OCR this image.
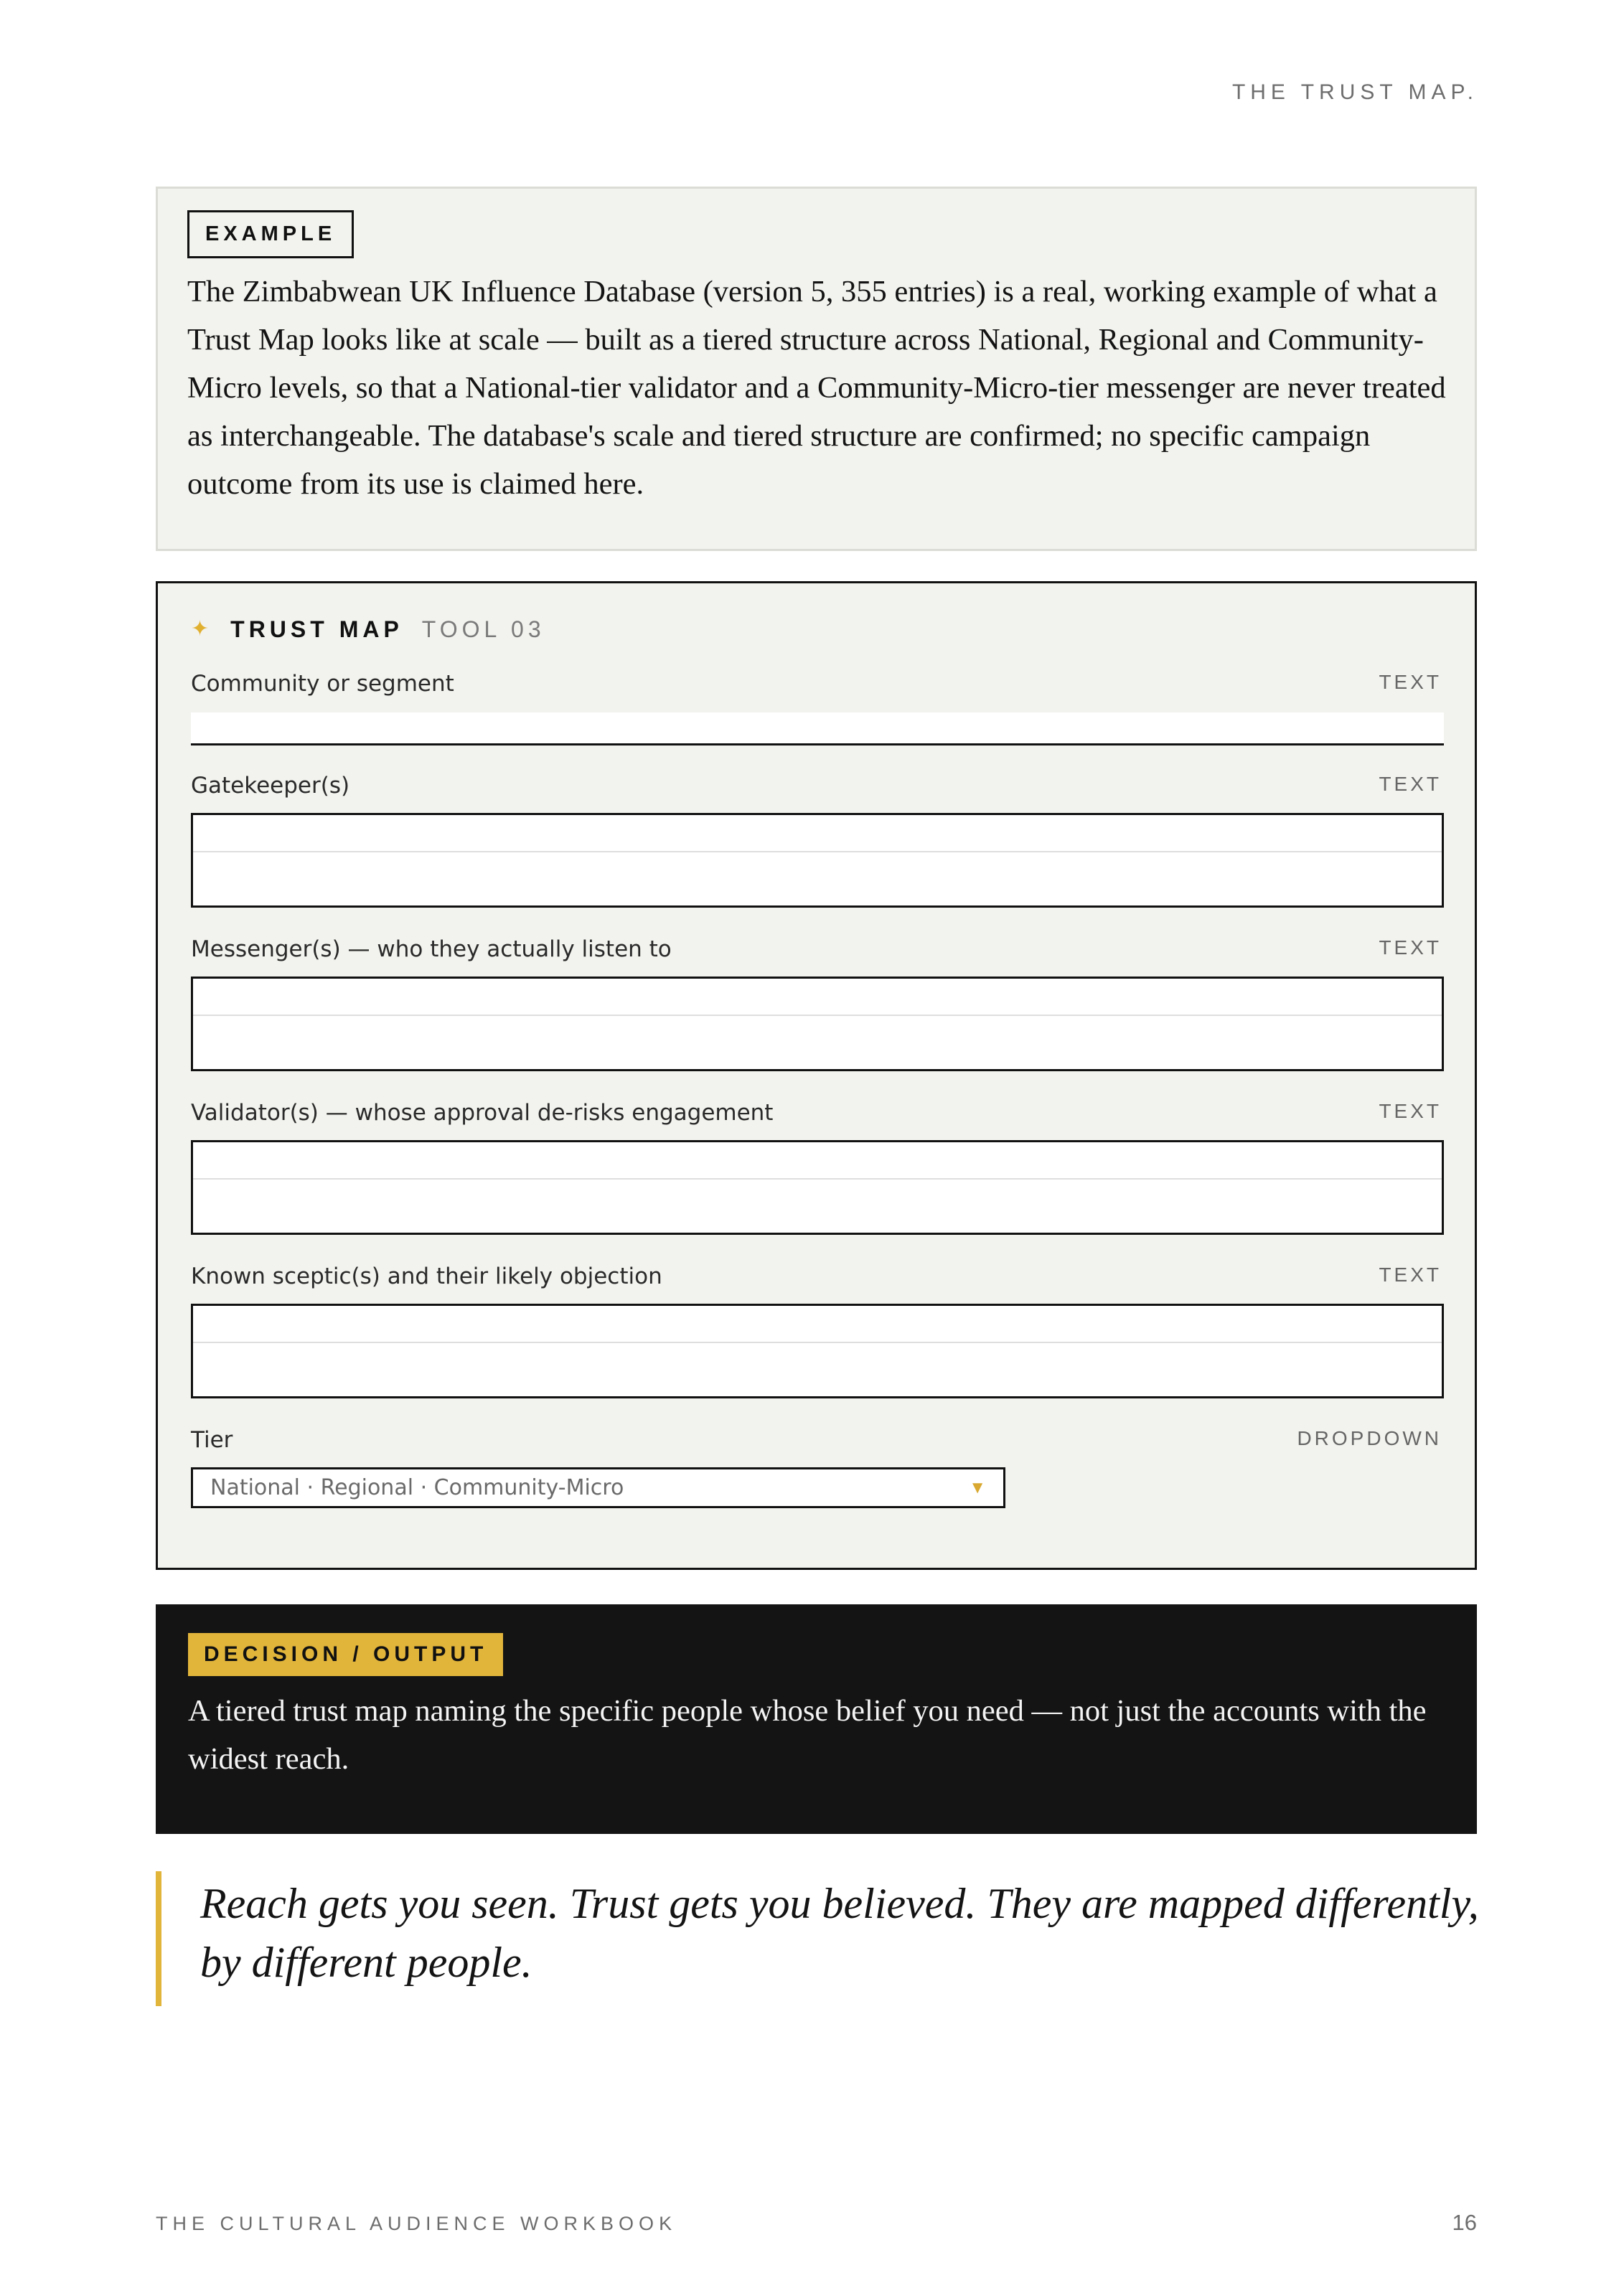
THE TRUST MAP.
EXAMPLE

The Zimbabwean UK Influence Database (version 5, 355 entries) is a real, working example of what a Trust Map looks like at scale — built as a tiered structure across National, Regional and Community-Micro levels, so that a National-tier validator and a Community-Micro-tier messenger are never treated as interchangeable. The database's scale and tiered structure are confirmed; no specific campaign outcome from its use is claimed here.

✦ TRUST MAP TOOL 03
Community or segment	TEXT
Gatekeeper(s)	TEXT
Messenger(s) — who they actually listen to	TEXT
Validator(s) — whose approval de-risks engagement	TEXT
Known sceptic(s) and their likely objection	TEXT
Tier	DROPDOWN
National · Regional · Community-Micro	▼
DECISION / OUTPUT

A tiered trust map naming the specific people whose belief you need — not just the accounts with the widest reach.

Reach gets you seen. Trust gets you believed. They are mapped differently, by different people.
THE CULTURAL AUDIENCE WORKBOOK	16
